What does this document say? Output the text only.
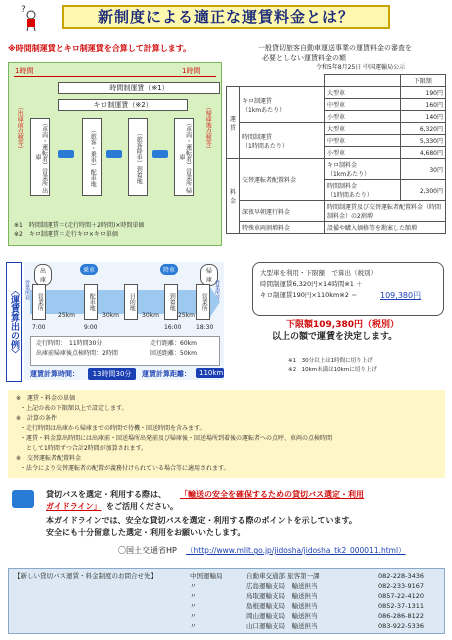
?	新制度による適正な運賃料金とは？
※時間制運賃とキロ制運賃を合算して計算します。
1時間	1時間
時間制運賃（※1）
キロ制運賃（※2）
（出庫前点検等）	（帰庫後点検等）
（車両・運転者）営業所 出庫	（旅客・乗車）配車地	（旅客降車）到着地	（車両・運転者）営業所 帰庫
※1　時間制運賃＝(走行時間＋2時間)×時間単価
※2　キロ制運賃＝走行キロ×キロ単価
一般貸切旅客自動車運送事業の運賃料金の審査を
必要としない運賃料金の額
令和5年8月25日 中国運輸局公示
			下限額
運賃	キロ制運賃
（1kmあたり）	大型車	190円
		中型車	160円
		小型車	140円
	時間制運賃
（1時間あたり）	大型車	6,320円
		中型車	5,330円
		小型車	4,680円
料金	交替運転者配置料金	キロ制料金
（1kmあたり）	30円
		時間制料金
（1時間あたり）	2,300円
	深夜早朝運行料金	時間制運賃及び交替運転者配置料金（時間制料金）の2割増	
	特殊車両割増料金	設備や購入価格等を勘案した額増	
〈運賃算出の例〉
出庫
乗車	降車	帰庫
営業所発	営業所着
営業所	配車地	目的地	到着地	営業所
25km	30km	30km	25km
7:00	9:00	16:00 18:30
走行時間：　11時間30分
出庫前帰庫後点検時間：2時間
走行距離：60km
回送距離：50km
運賃計算時間：	13時間30分	運賃計算距離：	110km
大型車を利用・下限額　で算出（税別）
時間制運賃6,320円×14時間※1 ＋
キロ制運賃190円×110km※2 ＝	109,380円
下限額109,380円（税別）
以上の額で運賃を決定します。
※1　30分以上は1時間に切り上げ
※2　10km未満は10kmに切り上げ
※　運賃・料金の単価
・上記の表の下限額以上で設定します。
※　計算の条件
・走行時間は出庫から帰庫までの時間で待機・回送時間を含みます。
・運賃・料金算出時間には出庫前・回送場所出発前及び帰庫後・回送場所到着後の運転者への点呼、車両の点検時間
　として1時間ずつ合計2時間が加算されます。
※　交替運転者配置料金
・法令により交替運転者の配置が義務付けられている場合等に適用されます。
貸切バスを選定・利用する際は、 「輸送の安全を確保するための貸切バス選定・利用
ガイドライン」 をご活用ください。
本ガイドラインでは、安全な貸切バスを選定・利用する際のポイントを示しています。
安全にも十分留意した選定・利用をお願いいたします。
〇国土交通省HP （http://www.mlit.go.jp/jidosha/jidosha_tk2_000011.html）
【新しい貸切バス運賃・料金制度のお問合せ先】	中国運輸局	自動車交通部 旅客第一課	082-228-3436
〃	広島運輸支局　輸送担当	082-233-9167
〃	鳥取運輸支局　輸送担当	0857-22-4120
〃	島根運輸支局　輸送担当	0852-37-1311
〃	岡山運輸支局　輸送担当	086-286-8122
〃	山口運輸支局　輸送担当	083-922-5336
